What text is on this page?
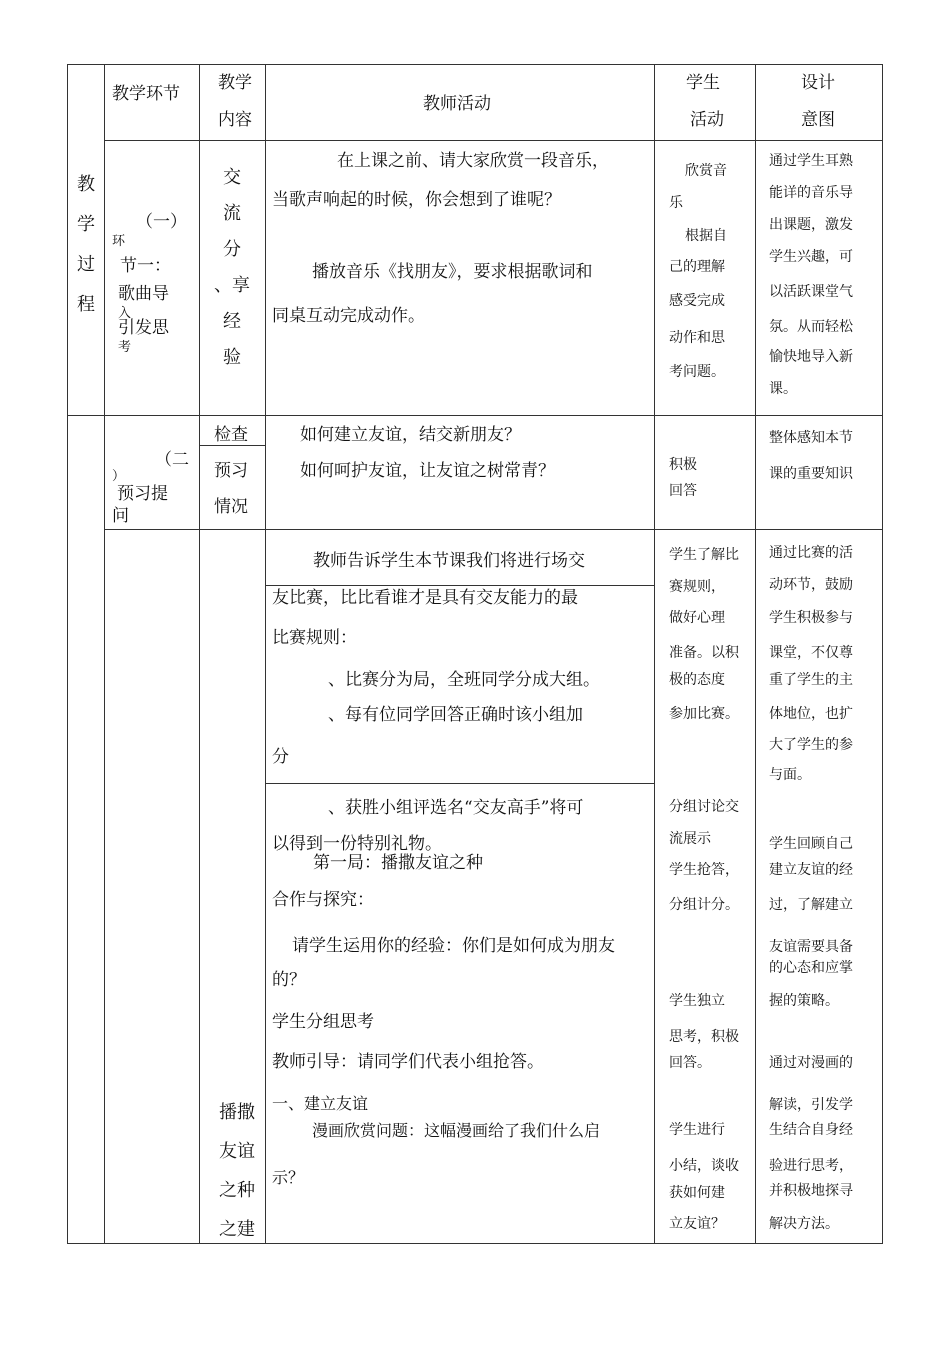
教学环节
教学
内容
教师活动
学生
活动
设计
意图
教
学
过
程
（一）
环
节一：
歌曲导
入
引发思
考
交
流
分
、享
经
验
在上课之前、请大家欣赏一段音乐，
当歌声响起的时候，你会想到了谁呢？
播放音乐《找朋友》，要求根据歌词和
同桌互动完成动作。
欣赏音
乐
根据自
己的理解
感受完成
动作和思
考问题。
通过学生耳熟
能详的音乐导
出课题，激发
学生兴趣，可
以活跃课堂气
氛。从而轻松
愉快地导入新
课。
（二
）
预习提
问
检查
预习
情况
如何建立友谊，结交新朋友？
如何呵护友谊，让友谊之树常青？	积极
回答
整体感知本节
课的重要知识
播撒
友谊
之种
之建
教师告诉学生本节课我们将进行场交
友比赛，比比看谁才是具有交友能力的最
比赛规则：
、比赛分为局，全班同学分成大组。
、每有位同学回答正确时该小组加
分
、获胜小组评选名“交友高手”将可
以得到一份特别礼物。
第一局：播撒友谊之种
合作与探究：
请学生运用你的经验：你们是如何成为朋友
的？
学生分组思考
教师引导：请同学们代表小组抢答。
一、建立友谊
漫画欣赏问题：这幅漫画给了我们什么启
示？
学生了解比
赛规则，
做好心理
准备。以积
极的态度
参加比赛。
分组讨论交
流展示
学生抢答，
分组计分。
学生独立
思考，积极
回答。
学生进行
小结，谈收
获如何建
立友谊？
通过比赛的活
动环节，鼓励
学生积极参与
课堂，不仅尊
重了学生的主
体地位，也扩
大了学生的参
与面。
学生回顾自己
建立友谊的经
过，了解建立
友谊需要具备
的心态和应掌
握的策略。
通过对漫画的
解读，引发学
生结合自身经
验进行思考，
并积极地探寻
解决方法。
